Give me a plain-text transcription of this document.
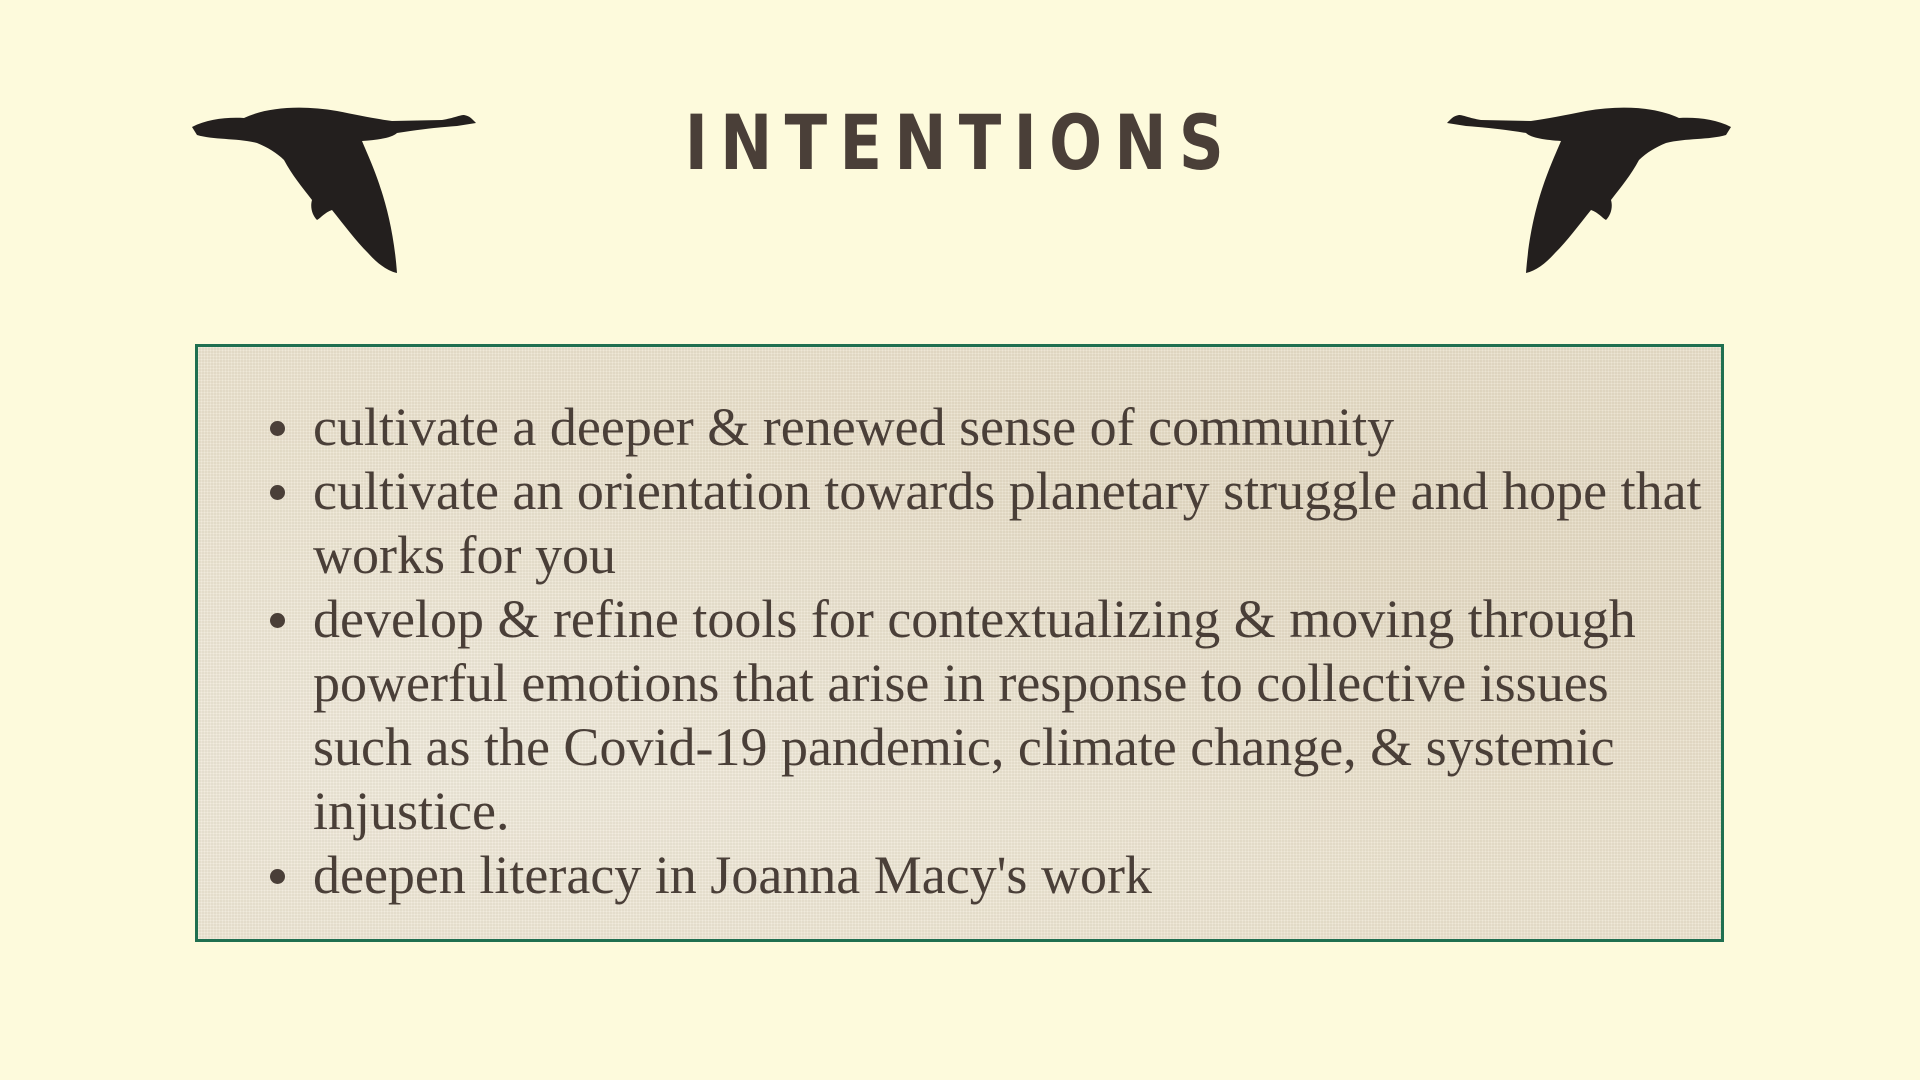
INTENTIONS
cultivate a deeper & renewed sense of community
cultivate an orientation towards planetary struggle and hope that works for you
develop & refine tools for contextualizing & moving through powerful emotions that arise in response to collective issues such as the Covid-19 pandemic, climate change, & systemic injustice.
deepen literacy in Joanna Macy's work
